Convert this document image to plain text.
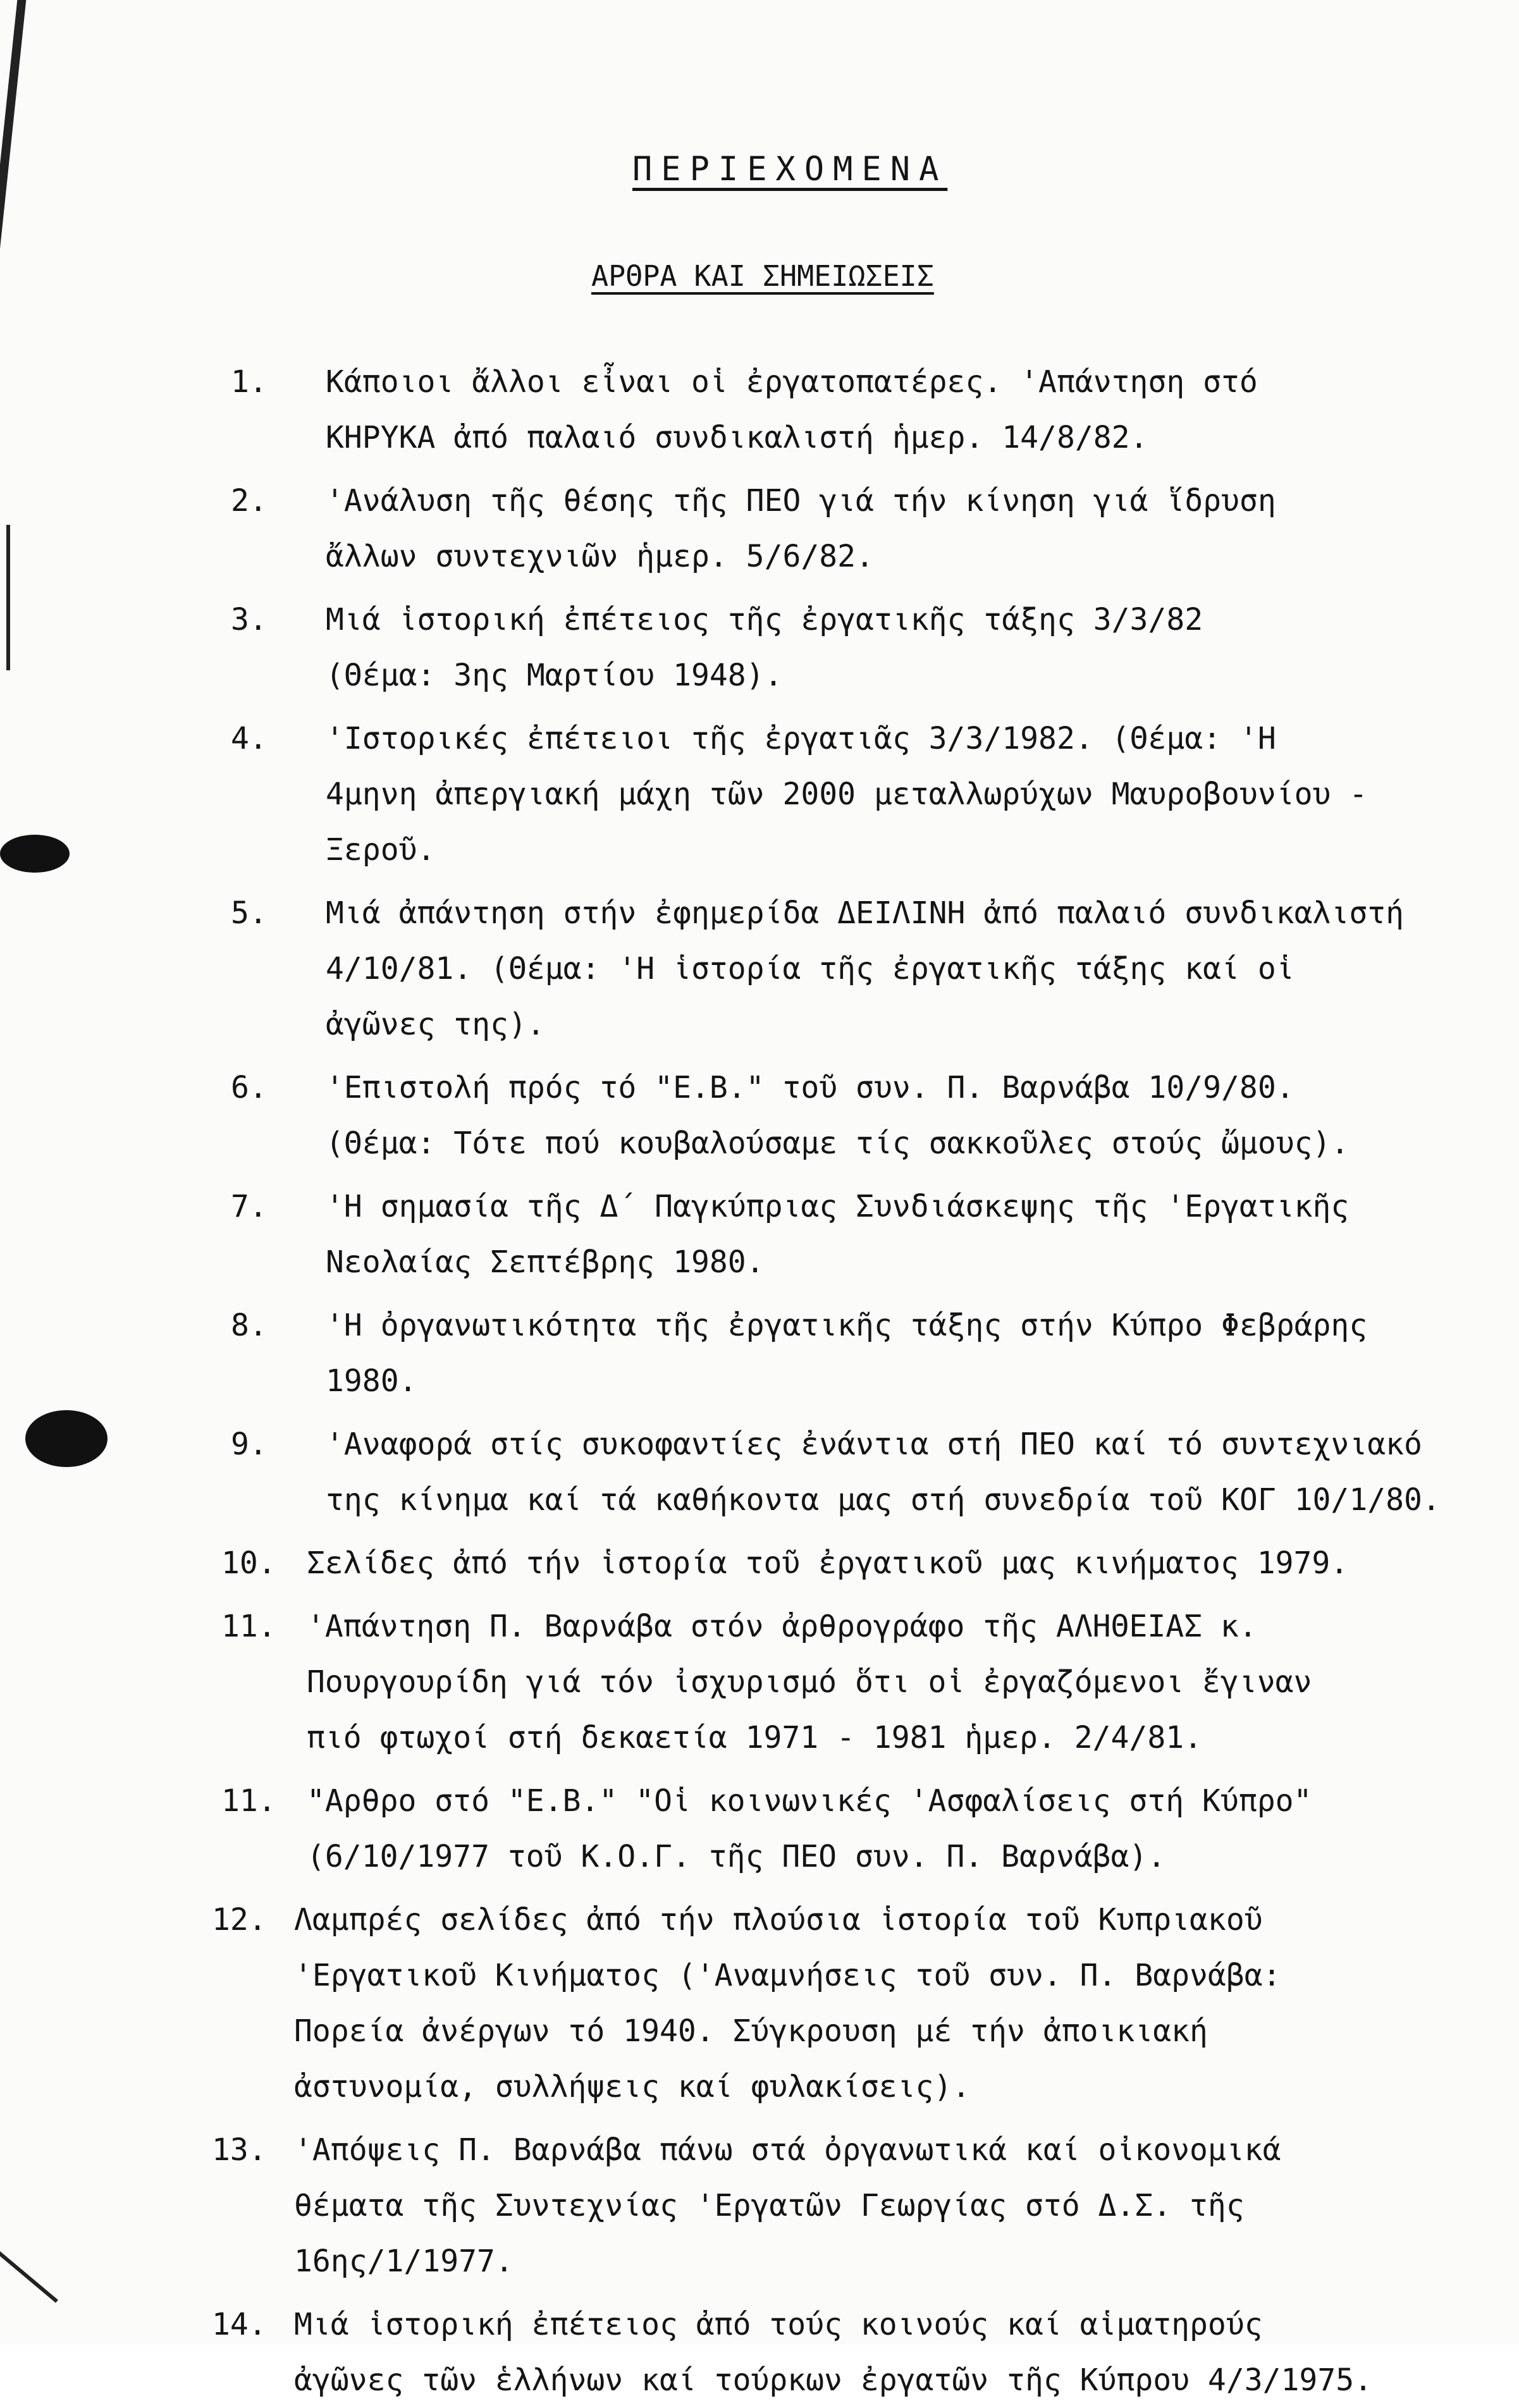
ΠΕΡΙΕΧΟΜΕΝΑ
ΑΡΘΡΑ ΚΑΙ ΣΗΜΕΙΩΣΕΙΣ
1. Κάποιοι ἄλλοι εἶναι οἱ ἐργατοπατέρες. 'Απάντηση στό
ΚΗΡΥΚΑ ἀπό παλαιό συνδικαλιστή ἡμερ. 14/8/82.
2. 'Ανάλυση τῆς θέσης τῆς ΠΕΟ γιά τήν κίνηση γιά ἵδρυση
ἄλλων συντεχνιῶν ἡμερ. 5/6/82.
3. Μιά ἱστορική ἐπέτειος τῆς ἐργατικῆς τάξης 3/3/82
(Θέμα: 3ης Μαρτίου 1948).
4. 'Ιστορικές ἐπέτειοι τῆς ἐργατιᾶς 3/3/1982. (Θέμα: 'Η
4μηνη ἀπεργιακή μάχη τῶν 2000 μεταλλωρύχων Μαυροβουνίου -
Ξεροῦ.
5. Μιά ἀπάντηση στήν ἐφημερίδα ΔΕΙΛΙΝΗ ἀπό παλαιό συνδικαλιστή
4/10/81. (Θέμα: 'Η ἱστορία τῆς ἐργατικῆς τάξης καί οἱ
ἀγῶνες της).
6. 'Επιστολή πρός τό "Ε.Β." τοῦ συν. Π. Βαρνάβα 10/9/80.
(Θέμα: Τότε πού κουβαλούσαμε τίς σακκοῦλες στούς ὤμους).
7. 'Η σημασία τῆς Δ΄ Παγκύπριας Συνδιάσκεψης τῆς 'Εργατικῆς
Νεολαίας Σεπτέβρης 1980.
8. 'Η ὀργανωτικότητα τῆς ἐργατικῆς τάξης στήν Κύπρο Φεβράρης
1980.
9. 'Αναφορά στίς συκοφαντίες ἐνάντια στή ΠΕΟ καί τό συντεχνιακό
της κίνημα καί τά καθήκοντα μας στή συνεδρία τοῦ ΚΟΓ 10/1/80.
10. Σελίδες ἀπό τήν ἱστορία τοῦ ἐργατικοῦ μας κινήματος 1979.
11. 'Απάντηση Π. Βαρνάβα στόν ἀρθρογράφο τῆς ΑΛΗΘΕΙΑΣ κ.
Πουργουρίδη γιά τόν ἰσχυρισμό ὅτι οἱ ἐργαζόμενοι ἔγιναν
πιό φτωχοί στή δεκαετία 1971 - 1981 ἡμερ. 2/4/81.
11. "Αρθρο στό "Ε.Β." "Οἱ κοινωνικές 'Ασφαλίσεις στή Κύπρο"
(6/10/1977 τοῦ Κ.Ο.Γ. τῆς ΠΕΟ συν. Π. Βαρνάβα).
12. Λαμπρές σελίδες ἀπό τήν πλούσια ἱστορία τοῦ Κυπριακοῦ
'Εργατικοῦ Κινήματος ('Αναμνήσεις τοῦ συν. Π. Βαρνάβα:
Πορεία ἀνέργων τό 1940. Σύγκρουση μέ τήν ἀποικιακή
ἀστυνομία, συλλήψεις καί φυλακίσεις).
13. 'Απόψεις Π. Βαρνάβα πάνω στά ὀργανωτικά καί οἰκονομικά
θέματα τῆς Συντεχνίας 'Εργατῶν Γεωργίας στό Δ.Σ. τῆς
16ης/1/1977.
14. Μιά ἱστορική ἐπέτειος ἀπό τούς κοινούς καί αἱματηρούς
ἀγῶνες τῶν ἑλλήνων καί τούρκων ἐργατῶν τῆς Κύπρου 4/3/1975.
